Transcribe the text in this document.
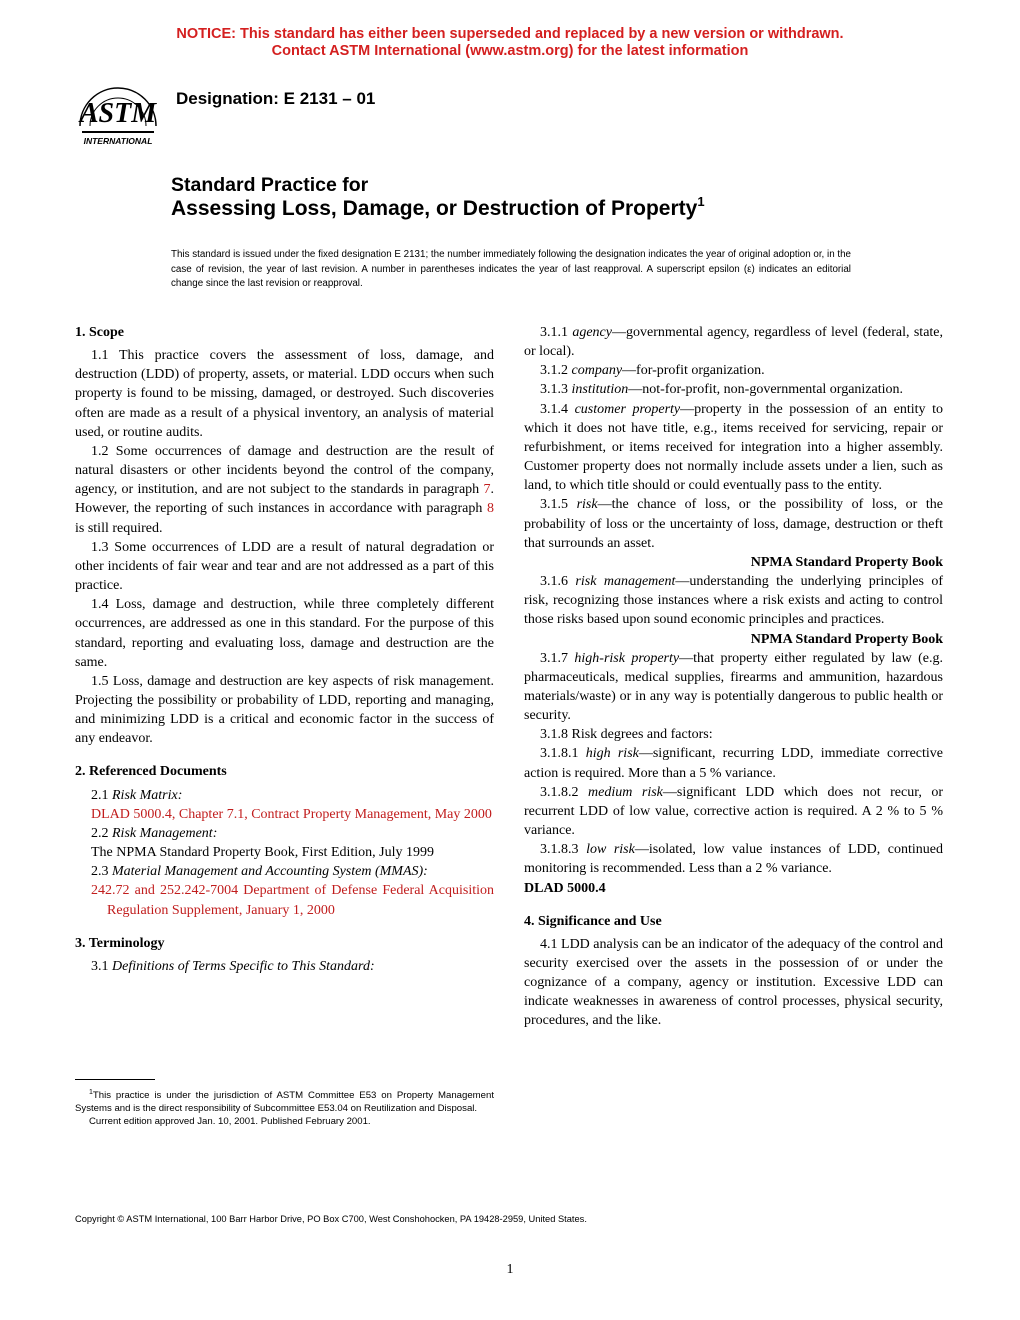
NOTICE: This standard has either been superseded and replaced by a new version or withdrawn.
Contact ASTM International (www.astm.org) for the latest information
ASTM
INTERNATIONAL
Designation: E 2131 – 01
Standard Practice for
Assessing Loss, Damage, or Destruction of Property$^1$
This standard is issued under the fixed designation E 2131; the number immediately following the designation indicates the year of original adoption or, in the case of revision, the year of last revision. A number in parentheses indicates the year of last reapproval. A superscript epsilon (ε) indicates an editorial change since the last revision or reapproval.

1. Scope

1.1 This practice covers the assessment of loss, damage, and destruction (LDD) of property, assets, or material. LDD occurs when such property is found to be missing, damaged, or destroyed. Such discoveries often are made as a result of a physical inventory, an analysis of material used, or routine audits.

1.2 Some occurrences of damage and destruction are the result of natural disasters or other incidents beyond the control of the company, agency, or institution, and are not subject to the standards in paragraph 7. However, the reporting of such instances in accordance with paragraph 8 is still required.

1.3 Some occurrences of LDD are a result of natural degradation or other incidents of fair wear and tear and are not addressed as a part of this practice.

1.4 Loss, damage and destruction, while three completely different occurrences, are addressed as one in this standard. For the purpose of this standard, reporting and evaluating loss, damage and destruction are the same.

1.5 Loss, damage and destruction are key aspects of risk management. Projecting the possibility or probability of LDD, reporting and managing, and minimizing LDD is a critical and economic factor in the success of any endeavor.

2. Referenced Documents

2.1 Risk Matrix:

DLAD 5000.4, Chapter 7.1, Contract Property Management, May 2000

2.2 Risk Management:

The NPMA Standard Property Book, First Edition, July 1999

2.3 Material Management and Accounting System (MMAS):

242.72 and 252.242-7004 Department of Defense Federal Acquisition Regulation Supplement, January 1, 2000

3. Terminology

3.1 Definitions of Terms Specific to This Standard:

3.1.1 agency—governmental agency, regardless of level (federal, state, or local).

3.1.2 company—for-profit organization.

3.1.3 institution—not-for-profit, non-governmental organization.

3.1.4 customer property—property in the possession of an entity to which it does not have title, e.g., items received for servicing, repair or refurbishment, or items received for integration into a higher assembly. Customer property does not normally include assets under a lien, such as land, to which title should or could eventually pass to the entity.

3.1.5 risk—the chance of loss, or the possibility of loss, or the probability of loss or the uncertainty of loss, damage, destruction or theft that surrounds an asset.

NPMA Standard Property Book

3.1.6 risk management—understanding the underlying principles of risk, recognizing those instances where a risk exists and acting to control those risks based upon sound economic principles and practices.

NPMA Standard Property Book

3.1.7 high-risk property—that property either regulated by law (e.g. pharmaceuticals, medical supplies, firearms and ammunition, hazardous materials/waste) or in any way is potentially dangerous to public health or security.

3.1.8 Risk degrees and factors:

3.1.8.1 high risk—significant, recurring LDD, immediate corrective action is required. More than a 5 % variance.

3.1.8.2 medium risk—significant LDD which does not recur, or recurrent LDD of low value, corrective action is required. A 2 % to 5 % variance.

3.1.8.3 low risk—isolated, low value instances of LDD, continued monitoring is recommended. Less than a 2 % variance.

DLAD 5000.4

4. Significance and Use

4.1 LDD analysis can be an indicator of the adequacy of the control and security exercised over the assets in the possession of or under the cognizance of a company, agency or institution. Excessive LDD can indicate weaknesses in awareness of control processes, physical security, procedures, and the like.

$^1$This practice is under the jurisdiction of ASTM Committee E53 on Property Management Systems and is the direct responsibility of Subcommittee E53.04 on Reutilization and Disposal.

Current edition approved Jan. 10, 2001. Published February 2001.

Copyright © ASTM International, 100 Barr Harbor Drive, PO Box C700, West Conshohocken, PA 19428-2959, United States.
1
